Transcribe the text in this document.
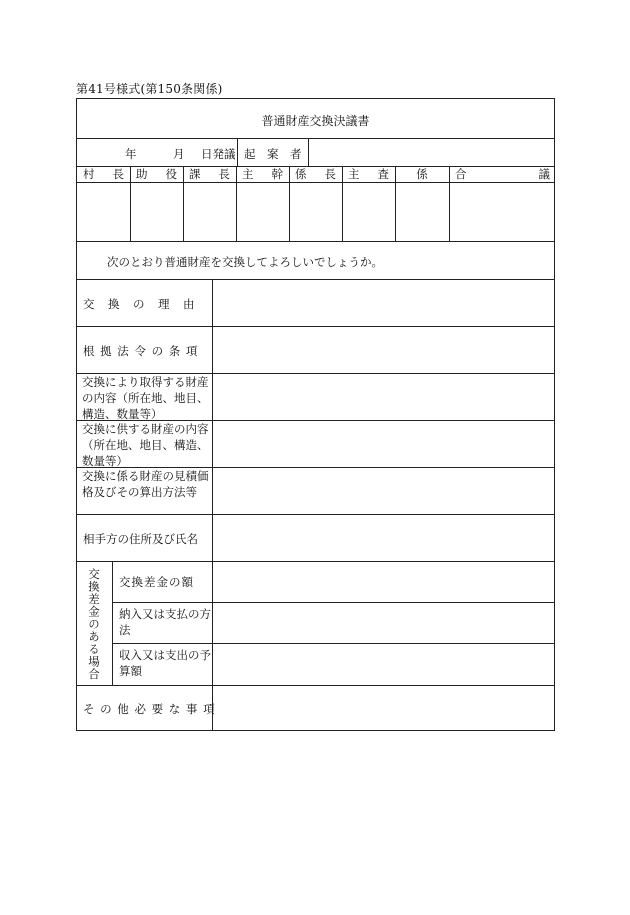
第41号様式(第150条関係)
普通財産交換決議書
年	月 日発議 起　案　者
村 長 助 役 課 長 主 幹 係 長 主 査 係 合	議
次のとおり普通財産を交換してよろしいでしょうか。
交　換　の　理　由
根 拠 法 令 の 条 項
交換により取得する財産の内容（所在地、地目、構造、数量等）
交換に供する財産の内容（所在地、地目、構造、数量等）
交換に係る財産の見積価格及びその算出方法等
相手方の住所及び氏名
交換差金のある場合 交換差金の額
納入又は支払の方法
収入又は支出の予算額
そ の 他 必 要 な 事 項
